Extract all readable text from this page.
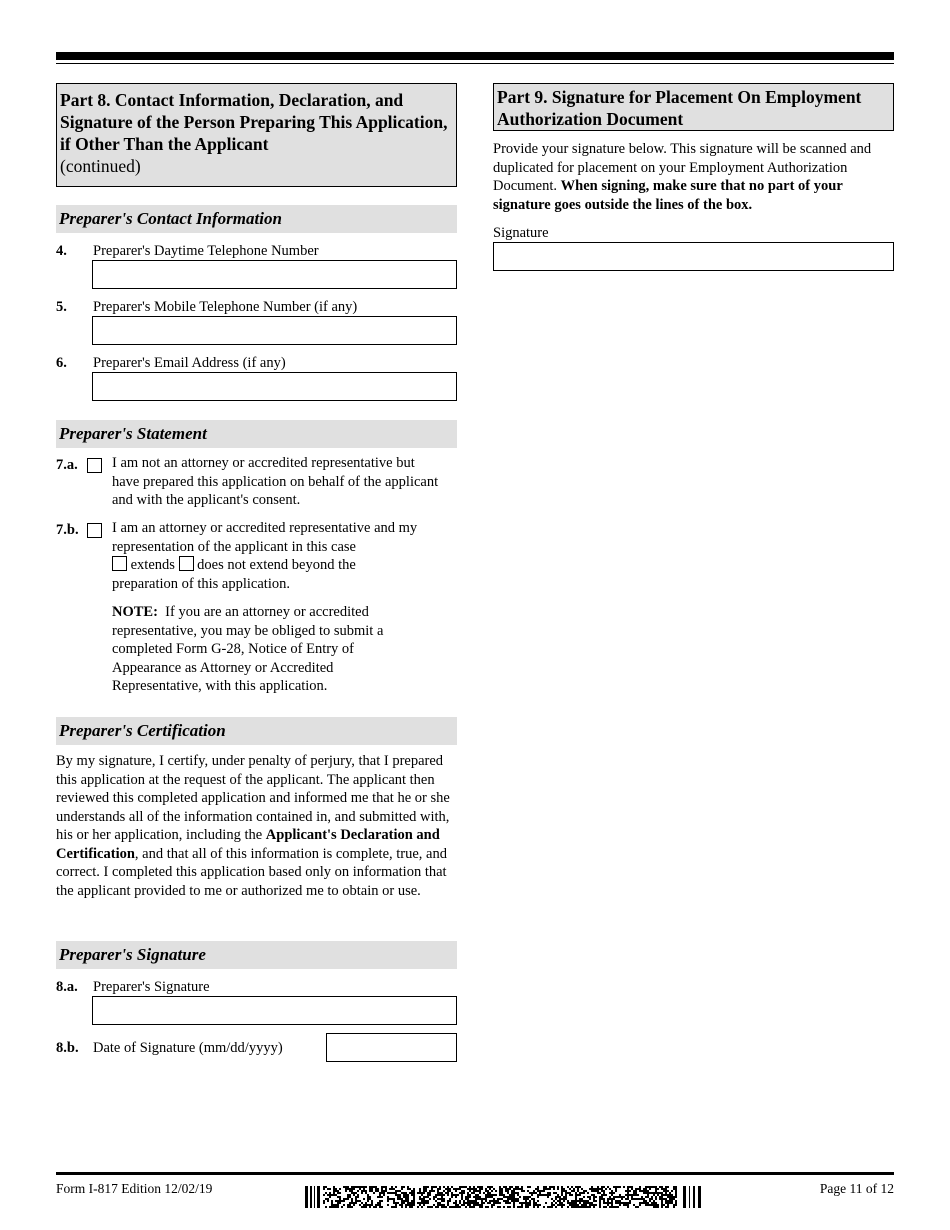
Part 8. Contact Information, Declaration, and Signature of the Person Preparing This Application, if Other Than the Applicant
(continued)
Preparer's Contact Information
4. Preparer's Daytime Telephone Number
5. Preparer's Mobile Telephone Number (if any)
6. Preparer's Email Address (if any)
Preparer's Statement
7.a. I am not an attorney or accredited representative but have prepared this application on behalf of the applicant and with the applicant's consent.
7.b. I am an attorney or accredited representative and my representation of the applicant in this case
extends does not extend beyond the
preparation of this application.
NOTE: If you are an attorney or accredited representative, you may be obliged to submit a completed Form G-28, Notice of Entry of Appearance as Attorney or Accredited Representative, with this application.
Preparer's Certification
By my signature, I certify, under penalty of perjury, that I prepared this application at the request of the applicant. The applicant then reviewed this completed application and informed me that he or she understands all of the information contained in, and submitted with, his or her application, including the Applicant's Declaration and Certification, and that all of this information is complete, true, and correct. I completed this application based only on information that the applicant provided to me or authorized me to obtain or use.
Preparer's Signature
8.a. Preparer's Signature
8.b. Date of Signature (mm/dd/yyyy)
Part 9. Signature for Placement On Employment Authorization Document
Provide your signature below. This signature will be scanned and duplicated for placement on your Employment Authorization Document. When signing, make sure that no part of your signature goes outside the lines of the box.
Signature
Form I-817 Edition 12/02/19	Page 11 of 12
